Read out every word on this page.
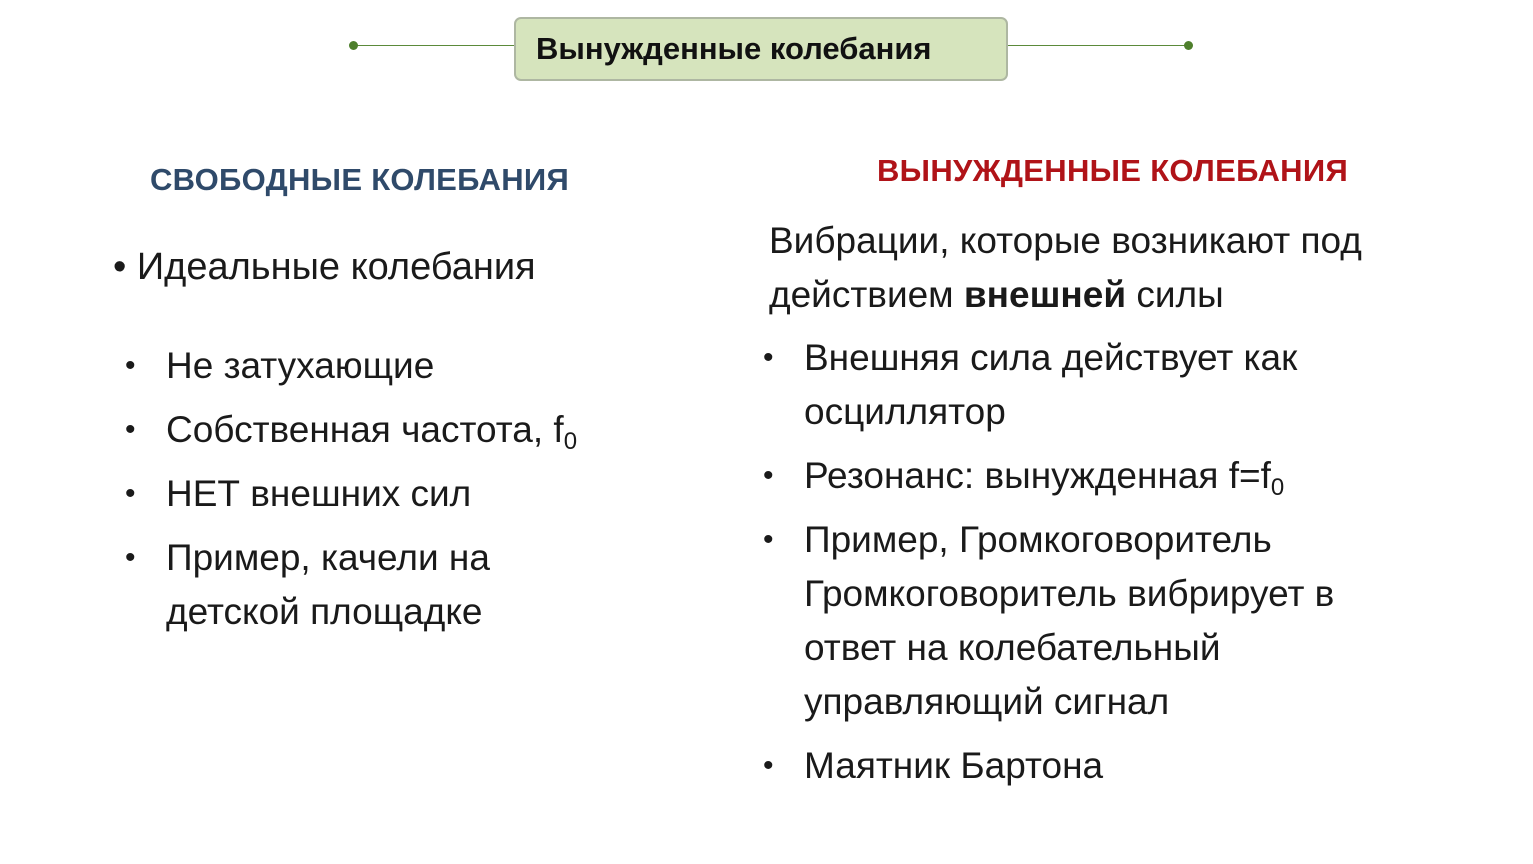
Вынужденные колебания
СВОБОДНЫЕ КОЛЕБАНИЯ
• Идеальные колебания
• Не затухающие
• Собственная частота, $f_0$
• НЕТ внешних сил
• Пример, качели на детской площадке
ВЫНУЖДЕННЫЕ КОЛЕБАНИЯ
Вибрации, которые возникают под действием внешней силы
• Внешняя сила действует как осциллятор
• Резонанс: вынужденная $f=f_0$
• Пример, Громкоговоритель Громкоговоритель вибрирует в ответ на колебательный управляющий сигнал
• Маятник Бартона
